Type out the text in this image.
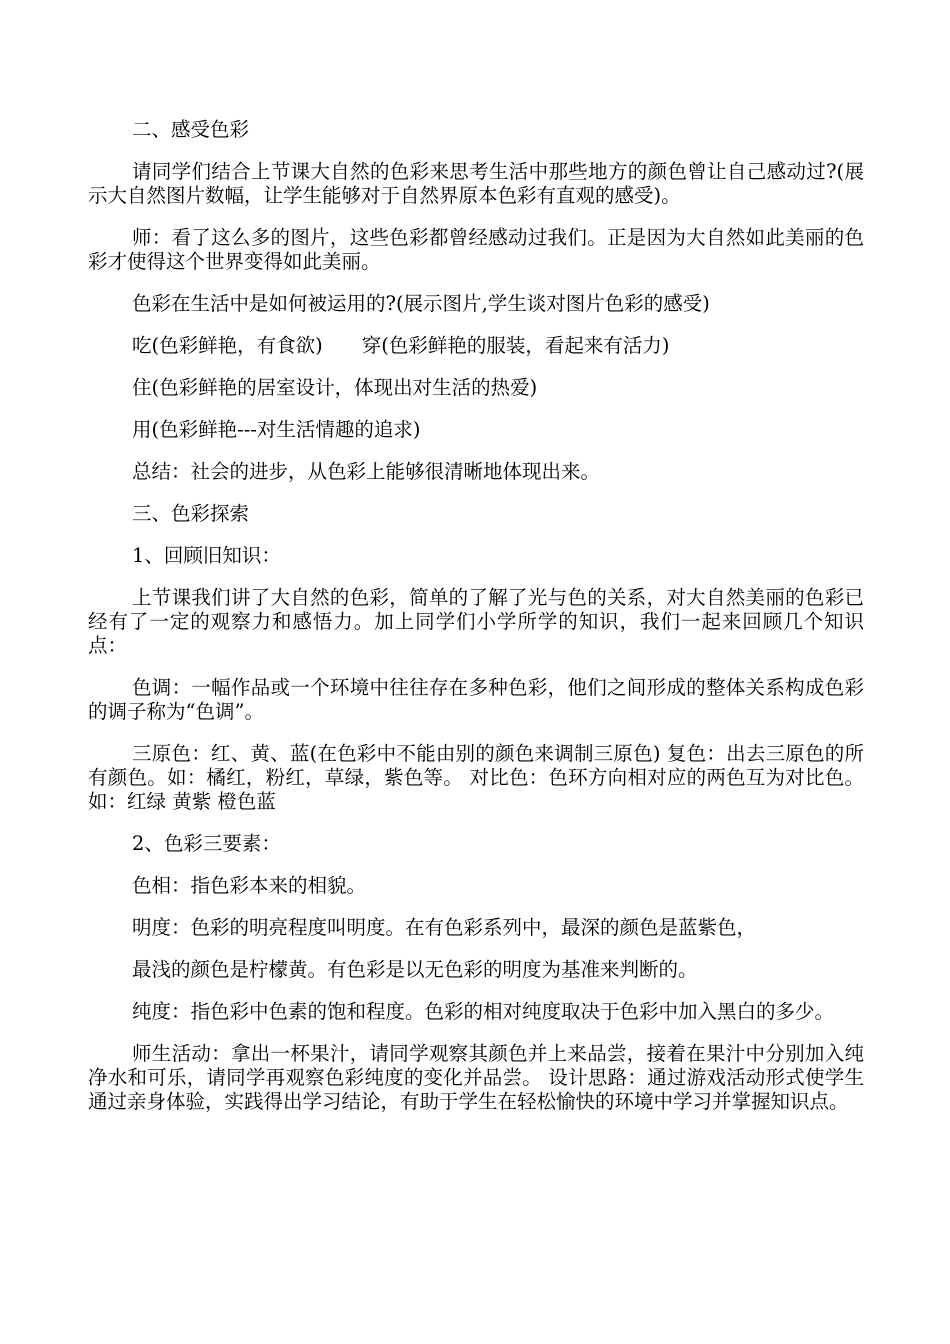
二、感受色彩

请同学们结合上节课大自然的色彩来思考生活中那些地方的颜色曾让自己感动过?(展示大自然图片数幅，让学生能够对于自然界原本色彩有直观的感受)。

师：看了这么多的图片，这些色彩都曾经感动过我们。正是因为大自然如此美丽的色彩才使得这个世界变得如此美丽。

色彩在生活中是如何被运用的?(展示图片,学生谈对图片色彩的感受)

吃(色彩鲜艳，有食欲)　　穿(色彩鲜艳的服装，看起来有活力)

住(色彩鲜艳的居室设计，体现出对生活的热爱)

用(色彩鲜艳---对生活情趣的追求)

总结：社会的进步，从色彩上能够很清晰地体现出来。

三、色彩探索

1、回顾旧知识：

上节课我们讲了大自然的色彩，简单的了解了光与色的关系，对大自然美丽的色彩已经有了一定的观察力和感悟力。加上同学们小学所学的知识，我们一起来回顾几个知识点：

色调：一幅作品或一个环境中往往存在多种色彩，他们之间形成的整体关系构成色彩的调子称为“色调”。

三原色：红、黄、蓝(在色彩中不能由别的颜色来调制三原色) 复色：出去三原色的所有颜色。如：橘红，粉红，草绿，紫色等。 对比色：色环方向相对应的两色互为对比色。如：红绿 黄紫 橙色蓝

2、色彩三要素：

色相：指色彩本来的相貌。

明度：色彩的明亮程度叫明度。在有色彩系列中，最深的颜色是蓝紫色，

最浅的颜色是柠檬黄。有色彩是以无色彩的明度为基准来判断的。

纯度：指色彩中色素的饱和程度。色彩的相对纯度取决于色彩中加入黑白的多少。

师生活动：拿出一杯果汁，请同学观察其颜色并上来品尝，接着在果汁中分别加入纯净水和可乐，请同学再观察色彩纯度的变化并品尝。 设计思路：通过游戏活动形式使学生通过亲身体验，实践得出学习结论，有助于学生在轻松愉快的环境中学习并掌握知识点。
